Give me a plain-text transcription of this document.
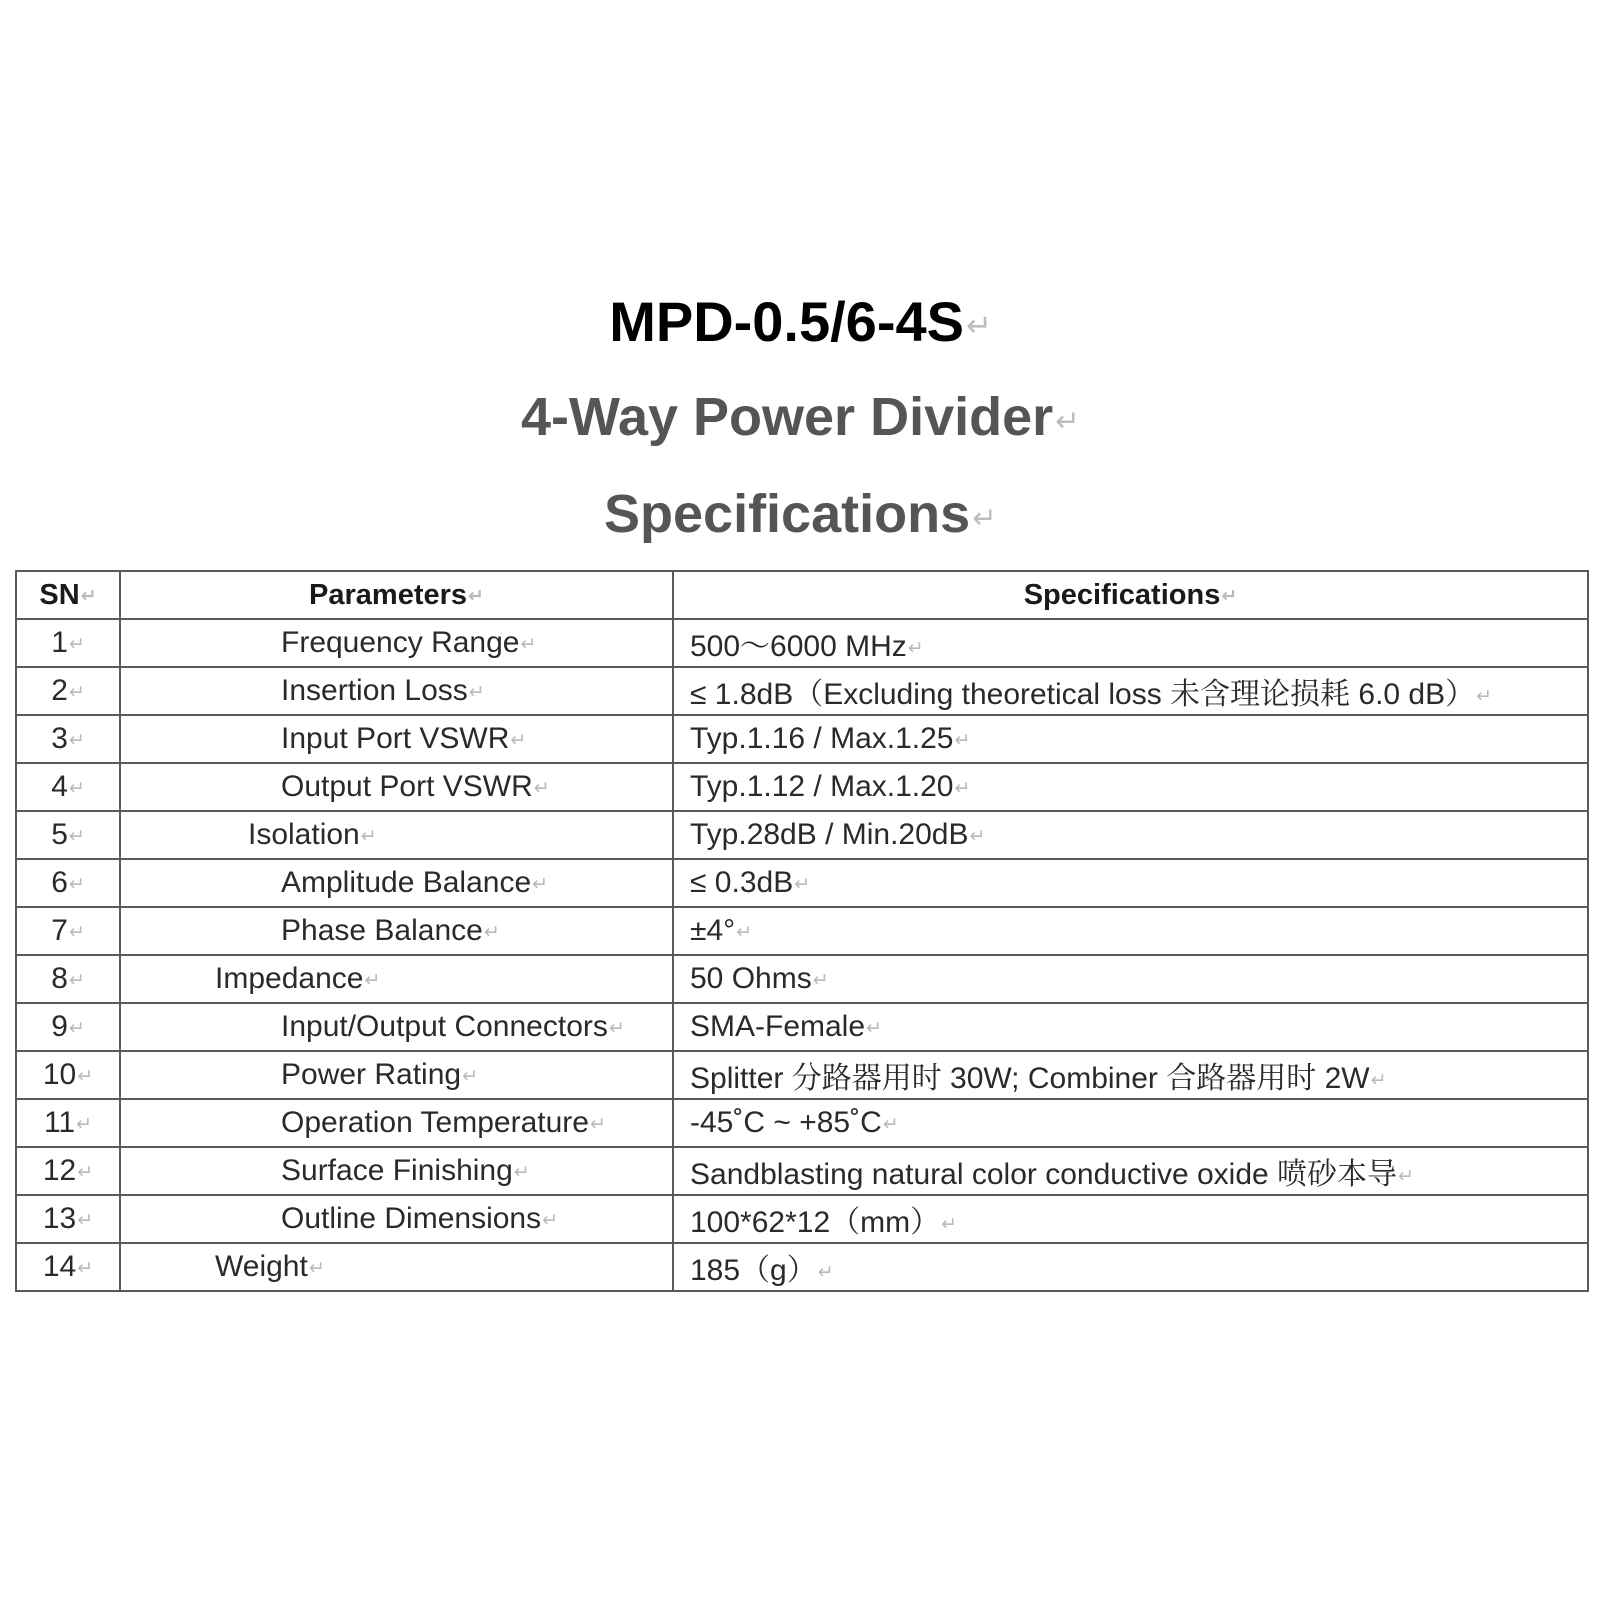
MPD-0.5/6-4S↵
4-Way Power Divider↵
Specifications↵
SN↵	Parameters↵	Specifications↵
1↵	Frequency Range↵	500～6000 MHz↵
2↵	Insertion Loss↵	≤ 1.8dB（Excluding theoretical loss 未含理论损耗 6.0 dB）↵
3↵	Input Port VSWR↵	Typ.1.16 / Max.1.25↵
4↵	Output Port VSWR↵	Typ.1.12 / Max.1.20↵
5↵	Isolation↵	Typ.28dB / Min.20dB↵
6↵	Amplitude Balance↵	≤ 0.3dB↵
7↵	Phase Balance↵	±4°↵
8↵	Impedance↵	50 Ohms↵
9↵	Input/Output Connectors↵	SMA-Female↵
10↵	Power Rating↵	Splitter 分路器用时 30W; Combiner 合路器用时 2W↵
11↵	Operation Temperature↵	-45˚C ~ +85˚C↵
12↵	Surface Finishing↵	Sandblasting natural color conductive oxide 喷砂本导↵
13↵	Outline Dimensions↵	100*62*12（mm）↵
14↵	Weight↵	185（g）↵
